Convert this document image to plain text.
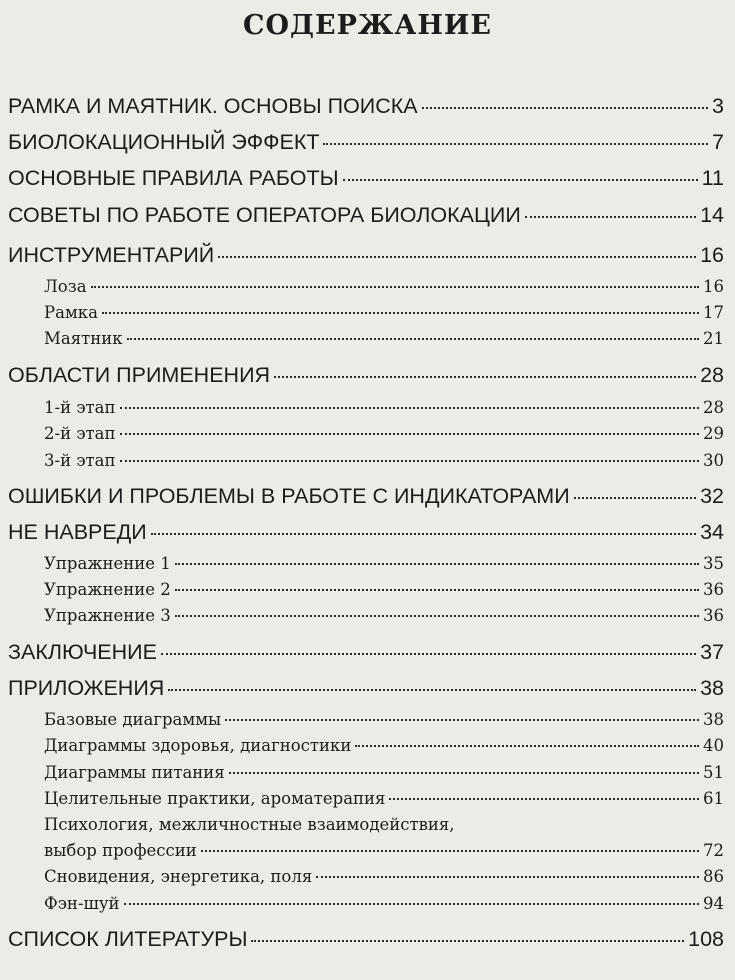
СОДЕРЖАНИЕ
РАМКА И МАЯТНИК. ОСНОВЫ ПОИСКА	3
БИОЛОКАЦИОННЫЙ ЭФФЕКТ	7
ОСНОВНЫЕ ПРАВИЛА РАБОТЫ	11
СОВЕТЫ ПО РАБОТЕ ОПЕРАТОРА БИОЛОКАЦИИ	14
ИНСТРУМЕНТАРИЙ	16
Лоза	16
Рамка	17
Маятник	21
ОБЛАСТИ ПРИМЕНЕНИЯ	28
1-й этап	28
2-й этап	29
3-й этап	30
ОШИБКИ И ПРОБЛЕМЫ В РАБОТЕ С ИНДИКАТОРАМИ	32
НЕ НАВРЕДИ	34
Упражнение 1	35
Упражнение 2	36
Упражнение 3	36
ЗАКЛЮЧЕНИЕ	37
ПРИЛОЖЕНИЯ	38
Базовые диаграммы	38
Диаграммы здоровья, диагностики	40
Диаграммы питания	51
Целительные практики, ароматерапия	61
Психология, межличностные взаимодействия,
выбор профессии	72
Сновидения, энергетика, поля	86
Фэн-шуй	94
СПИСОК ЛИТЕРАТУРЫ	108
